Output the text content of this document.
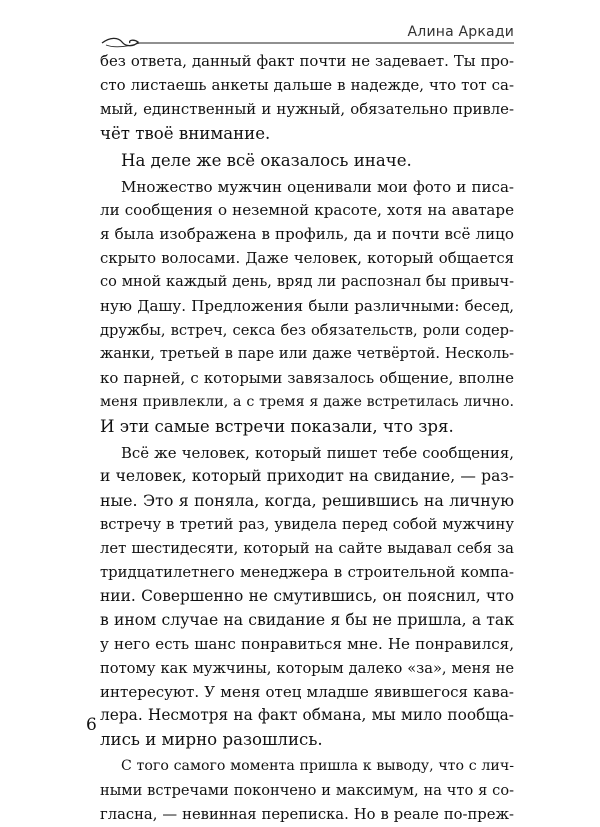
Алина Аркади
без ответа, данный факт почти не задевает. Ты про-
сто листаешь анкеты дальше в надежде, что тот са-
мый, единственный и нужный, обязательно привле-
чёт твоё внимание.
На деле же всё оказалось иначе.
Множество мужчин оценивали мои фото и писа-
ли сообщения о неземной красоте, хотя на аватаре
я была изображена в профиль, да и почти всё лицо
скрыто волосами. Даже человек, который общается
со мной каждый день, вряд ли распознал бы привыч-
ную Дашу. Предложения были различными: бесед,
дружбы, встреч, секса без обязательств, роли содер-
жанки, третьей в паре или даже четвёртой. Несколь-
ко парней, с которыми завязалось общение, вполне
меня привлекли, а с тремя я даже встретилась лично.
И эти самые встречи показали, что зря.
Всё же человек, который пишет тебе сообщения,
и человек, который приходит на свидание, — раз-
ные. Это я поняла, когда, решившись на личную
встречу в третий раз, увидела перед собой мужчину
лет шестидесяти, который на сайте выдавал себя за
тридцатилетнего менеджера в строительной компа-
нии. Совершенно не смутившись, он пояснил, что
в ином случае на свидание я бы не пришла, а так
у него есть шанс понравиться мне. Не понравился,
потому как мужчины, которым далеко «за», меня не
интересуют. У меня отец младше явившегося кава-
лера. Несмотря на факт обмана, мы мило пообща-
лись и мирно разошлись.
С того самого момента пришла к выводу, что с лич-
ными встречами покончено и максимум, на что я со-
гласна, — невинная переписка. Но в реале по-преж-
6
